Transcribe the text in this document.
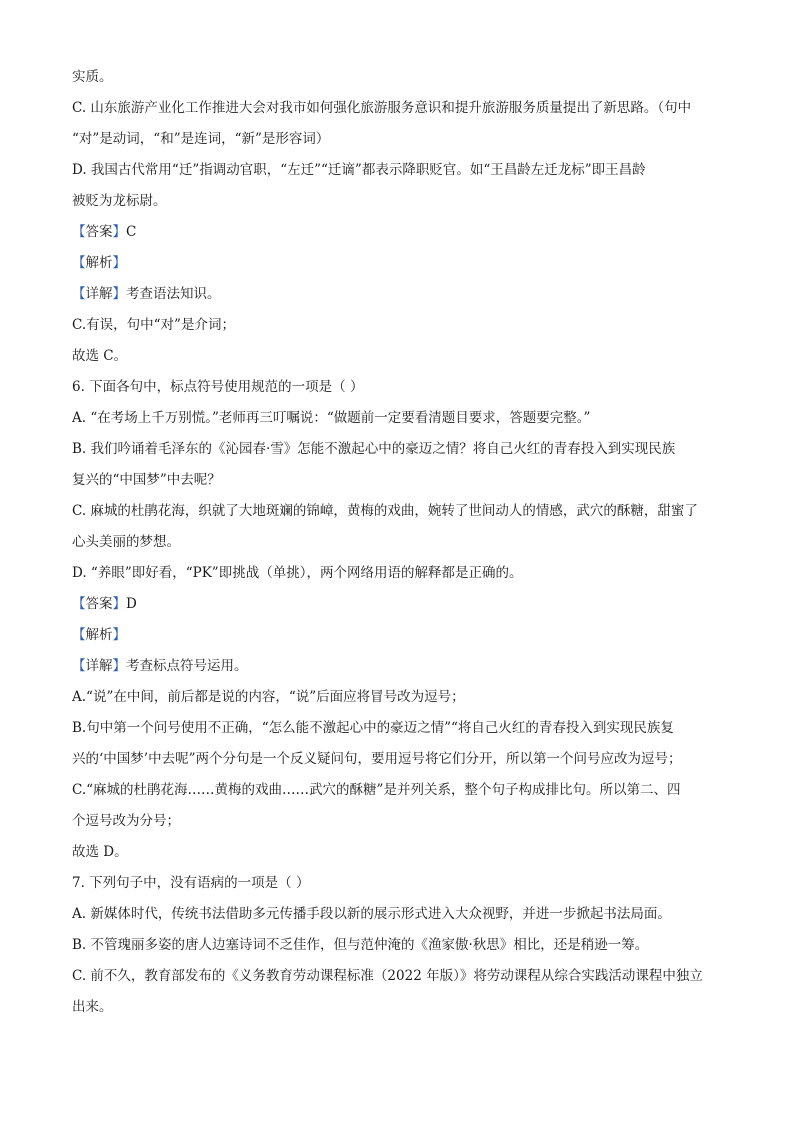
实质。
C. 山东旅游产业化工作推进大会对我市如何强化旅游服务意识和提升旅游服务质量提出了新思路。（句中
“对”是动词，“和”是连词，“新”是形容词）
D. 我国古代常用“迁”指调动官职，“左迁”“迁谪”都表示降职贬官。如“王昌龄左迁龙标”即王昌龄
被贬为龙标尉。
【答案】C
【解析】
【详解】考查语法知识。
C.有误，句中“对”是介词；
故选 C。
6. 下面各句中，标点符号使用规范的一项是（ ）
A. “在考场上千万别慌。”老师再三叮嘱说：“做题前一定要看清题目要求，答题要完整。”
B. 我们吟诵着毛泽东的《沁园春·雪》怎能不激起心中的豪迈之情？将自己火红的青春投入到实现民族
复兴的“中国梦”中去呢？
C. 麻城的杜鹃花海，织就了大地斑斓的锦嶂，黄梅的戏曲，婉转了世间动人的情感，武穴的酥糖，甜蜜了
心头美丽的梦想。
D. “养眼”即好看，“PK”即挑战（单挑），两个网络用语的解释都是正确的。
【答案】D
【解析】
【详解】考查标点符号运用。
A.“说”在中间，前后都是说的内容，“说”后面应将冒号改为逗号；
B.句中第一个问号使用不正确，“怎么能不激起心中的豪迈之情”“将自己火红的青春投入到实现民族复
兴的‘中国梦’中去呢”两个分句是一个反义疑问句，要用逗号将它们分开，所以第一个问号应改为逗号；
C.“麻城的杜鹃花海……黄梅的戏曲……武穴的酥糖”是并列关系，整个句子构成排比句。所以第二、四
个逗号改为分号；
故选 D。
7. 下列句子中，没有语病的一项是（ ）
A. 新媒体时代，传统书法借助多元传播手段以新的展示形式进入大众视野，并进一步掀起书法局面。
B. 不管瑰丽多姿的唐人边塞诗词不乏佳作，但与范仲淹的《渔家傲·秋思》相比，还是稍逊一筹。
C. 前不久，教育部发布的《义务教育劳动课程标准（2022 年版）》将劳动课程从综合实践活动课程中独立
出来。
